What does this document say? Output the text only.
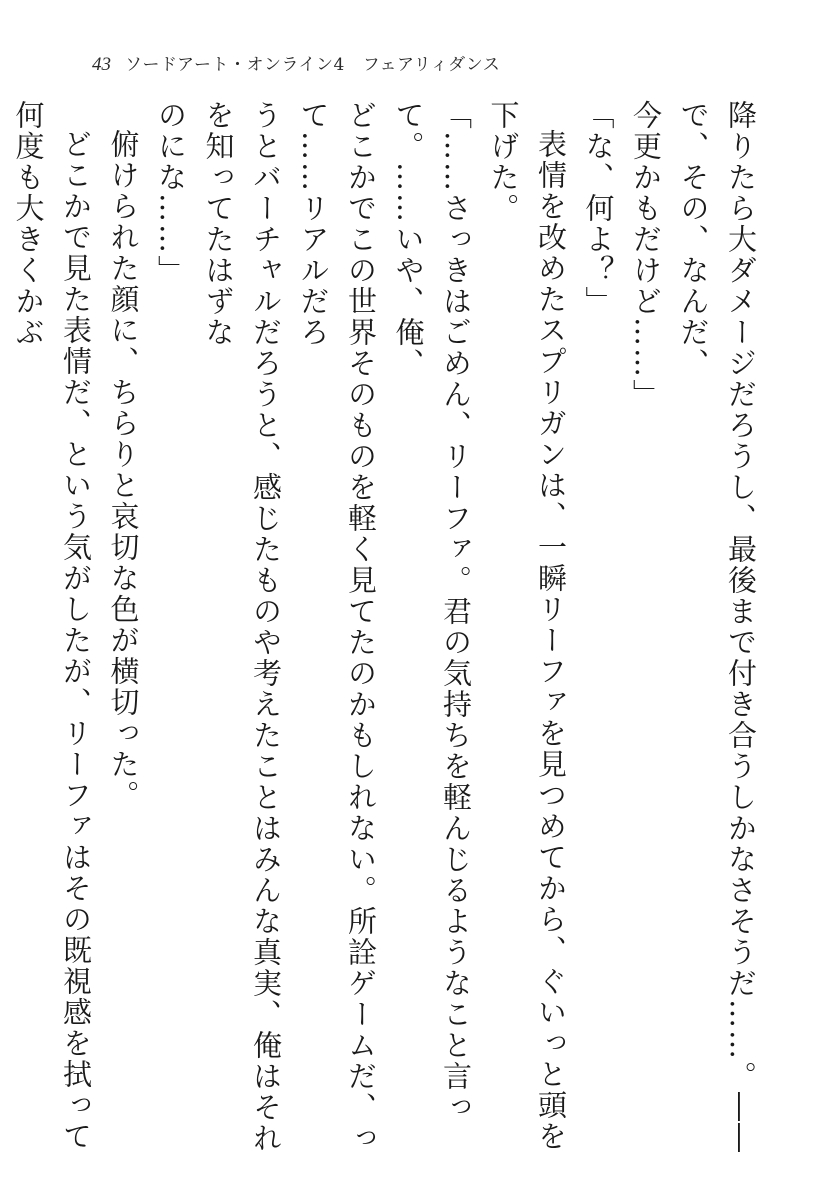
43 ソードアート・オンライン4 フェアリィダンス

降りたら大ダメージだろうし、最後まで付き合うしかなさそうだ……。――で、その、なんだ、

今更かもだけど……」

「な、何よ？」

表情を改めたスプリガンは、一瞬リーファを見つめてから、ぐいっと頭を下げた。

「……さっきはごめん、リーファ。君の気持ちを軽んじるようなこと言って。……いや、俺、

どこかでこの世界そのものを軽く見てたのかもしれない。所詮ゲームだ、って……リアルだろ

うとバーチャルだろうと、感じたものや考えたことはみんな真実、俺はそれを知ってたはずな

のにな……」

俯けられた顔に、ちらりと哀切な色が横切った。

どこかで見た表情だ、という気がしたが、リーファはその既視感を拭って何度も大きくかぶ
